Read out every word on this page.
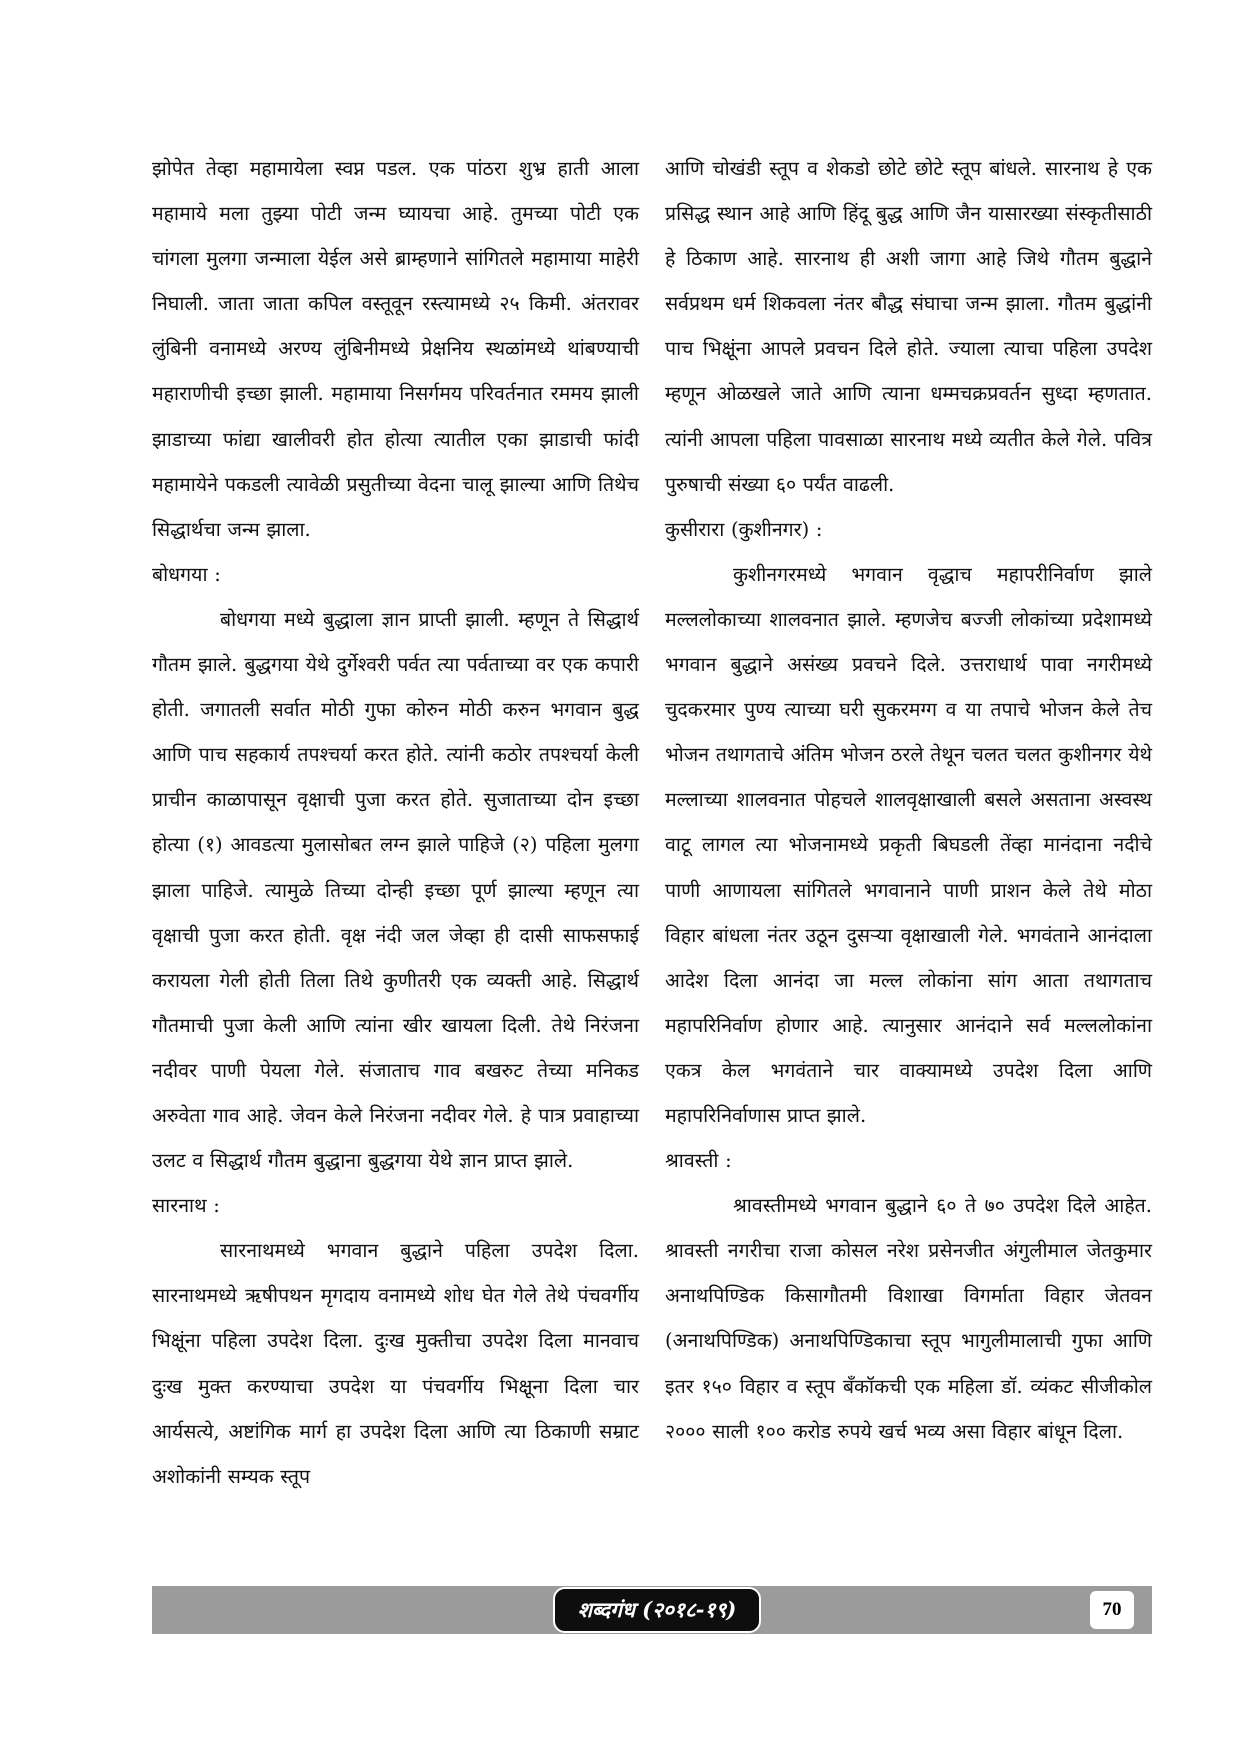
झोपेत तेव्हा महामायेला स्वप्न पडल. एक पांठरा शुभ्र हाती आला महामाये मला तुझ्या पोटी जन्म घ्यायचा आहे. तुमच्या पोटी एक चांगला मुलगा जन्माला येईल असे ब्राम्हणाने सांगितले महामाया माहेरी निघाली. जाता जाता कपिल वस्तूवून रस्त्यामध्ये २५ किमी. अंतरावर लुंबिनी वनामध्ये अरण्य लुंबिनीमध्ये प्रेक्षनिय स्थळांमध्ये थांबण्याची महाराणीची इच्छा झाली. महामाया निसर्गमय परिवर्तनात रममय झाली झाडाच्या फांद्या खालीवरी होत होत्या त्यातील एका झाडाची फांदी महामायेने पकडली त्यावेळी प्रसुतीच्या वेदना चालू झाल्या आणि तिथेच सिद्धार्थचा जन्म झाला.

बोधगया :

बोधगया मध्ये बुद्धाला ज्ञान प्राप्ती झाली. म्हणून ते सिद्धार्थ गौतम झाले. बुद्धगया येथे दुर्गेश्वरी पर्वत त्या पर्वताच्या वर एक कपारी होती. जगातली सर्वात मोठी गुफा कोरुन मोठी करुन भगवान बुद्ध आणि पाच सहकार्य तपश्चर्या करत होते. त्यांनी कठोर तपश्चर्या केली प्राचीन काळापासून वृक्षाची पुजा करत होते. सुजाताच्या दोन इच्छा होत्या (१) आवडत्या मुलासोबत लग्न झाले पाहिजे (२) पहिला मुलगा झाला पाहिजे. त्यामुळे तिच्या दोन्ही इच्छा पूर्ण झाल्या म्हणून त्या वृक्षाची पुजा करत होती. वृक्ष नंदी जल जेव्हा ही दासी साफसफाई करायला गेली होती तिला तिथे कुणीतरी एक व्यक्ती आहे. सिद्धार्थ गौतमाची पुजा केली आणि त्यांना खीर खायला दिली. तेथे निरंजना नदीवर पाणी पेयला गेले. संजाताच गाव बखरुट तेच्या मनिकड अरुवेता गाव आहे. जेवन केले निरंजना नदीवर गेले. हे पात्र प्रवाहाच्या उलट व सिद्धार्थ गौतम बुद्धाना बुद्धगया येथे ज्ञान प्राप्त झाले.

सारनाथ :

सारनाथमध्ये भगवान बुद्धाने पहिला उपदेश दिला. सारनाथमध्ये ऋषीपथन मृगदाय वनामध्ये शोध घेत गेले तेथे पंचवर्गीय भिक्षूंना पहिला उपदेश दिला. दुःख मुक्तीचा उपदेश दिला मानवाच दुःख मुक्त करण्याचा उपदेश या पंचवर्गीय भिक्षूना दिला चार आर्यसत्ये, अष्टांगिक मार्ग हा उपदेश दिला आणि त्या ठिकाणी सम्राट अशोकांनी सम्यक स्तूप

आणि चोखंडी स्तूप व शेकडो छोटे छोटे स्तूप बांधले. सारनाथ हे एक प्रसिद्ध स्थान आहे आणि हिंदू बुद्ध आणि जैन यासारख्या संस्कृतीसाठी हे ठिकाण आहे. सारनाथ ही अशी जागा आहे जिथे गौतम बुद्धाने सर्वप्रथम धर्म शिकवला नंतर बौद्ध संघाचा जन्म झाला. गौतम बुद्धांनी पाच भिक्षूंना आपले प्रवचन दिले होते. ज्याला त्याचा पहिला उपदेश म्हणून ओळखले जाते आणि त्याना धम्मचक्रप्रवर्तन सुध्दा म्हणतात. त्यांनी आपला पहिला पावसाळा सारनाथ मध्ये व्यतीत केले गेले. पवित्र पुरुषाची संख्या ६० पर्यंत वाढली.

कुसीरारा (कुशीनगर) :

कुशीनगरमध्ये भगवान वृद्धाच महापरीनिर्वाण झाले मल्ललोकाच्या शालवनात झाले. म्हणजेच बज्जी लोकांच्या प्रदेशामध्ये भगवान बुद्धाने असंख्य प्रवचने दिले. उत्तराधार्थ पावा नगरीमध्ये चुदकरमार पुण्य त्याच्या घरी सुकरमग्ग व या तपाचे भोजन केले तेच भोजन तथागताचे अंतिम भोजन ठरले तेथून चलत चलत कुशीनगर येथे मल्लाच्या शालवनात पोहचले शालवृक्षाखाली बसले असताना अस्वस्थ वाटू लागल त्या भोजनामध्ये प्रकृती बिघडली तेंव्हा मानंदाना नदीचे पाणी आणायला सांगितले भगवानाने पाणी प्राशन केले तेथे मोठा विहार बांधला नंतर उठून दुसऱ्या वृक्षाखाली गेले. भगवंताने आनंदाला आदेश दिला आनंदा जा मल्ल लोकांना सांग आता तथागताच महापरिनिर्वाण होणार आहे. त्यानुसार आनंदाने सर्व मल्ललोकांना एकत्र केल भगवंताने चार वाक्यामध्ये उपदेश दिला आणि महापरिनिर्वाणास प्राप्त झाले.

श्रावस्ती :

श्रावस्तीमध्ये भगवान बुद्धाने ६० ते ७० उपदेश दिले आहेत. श्रावस्ती नगरीचा राजा कोसल नरेश प्रसेनजीत अंगुलीमाल जेतकुमार अनाथपिण्डिक किसागौतमी विशाखा विगर्माता विहार जेतवन (अनाथपिण्डिक) अनाथपिण्डिकाचा स्तूप भागुलीमालाची गुफा आणि इतर १५० विहार व स्तूप बँकॉकची एक महिला डॉ. व्यंकट सीजीकोल २००० साली १०० करोड रुपये खर्च भव्य असा विहार बांधून दिला.

शब्दगंध (२०१८-१९)	70
